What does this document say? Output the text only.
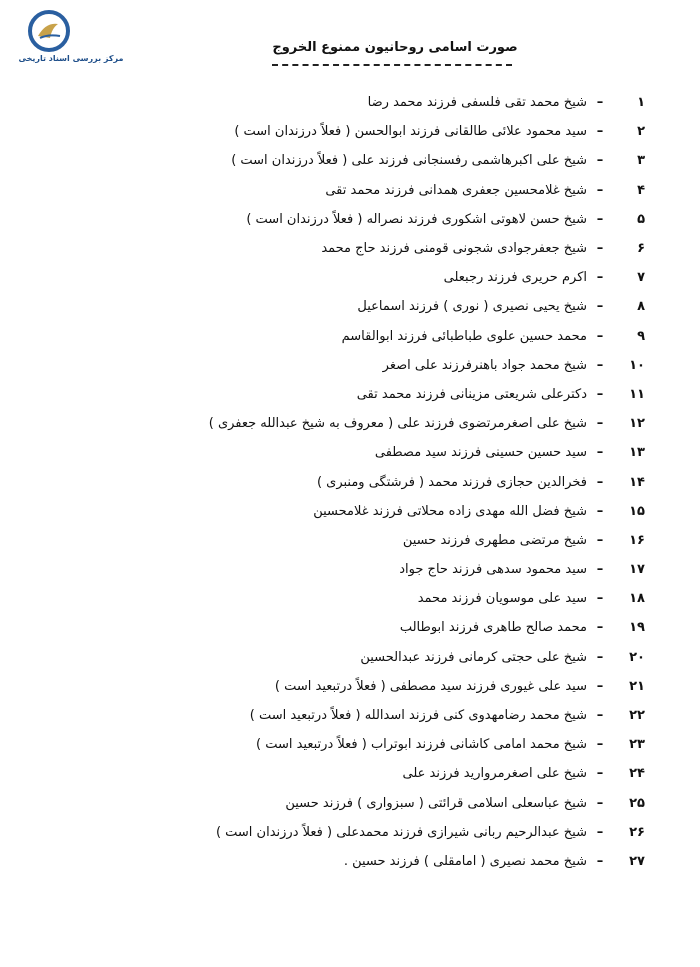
مرکز بررسی اسناد تاریخی
صورت اسامی روحانیون ممنوع الخروج
۱
–
شیخ محمد تقی فلسفی فرزند محمد رضا
۲
–
سید محمود علائی طالقانی فرزند ابوالحسن ( فعلاً درزندان است )
۳
–
شیخ علی اکبرهاشمی رفسنجانی فرزند علی ( فعلاً درزندان است )
۴
–
شیخ غلامحسین جعفری همدانی فرزند محمد تقی
۵
–
شیخ حسن لاهوتی اشکوری فرزند نصراله ( فعلاً درزندان است )
۶
–
شیخ جعفرجوادی شجونی قومنی فرزند حاج محمد
۷
–
اکرم حریری فرزند رجبعلی
۸
–
شیخ یحیی نصیری ( نوری ) فرزند اسماعیل
۹
–
محمد حسین علوی طباطبائی فرزند ابوالقاسم
۱۰
–
شیخ محمد جواد باهنرفرزند علی اصغر
۱۱
–
دکترعلی شریعتی مزینانی فرزند محمد تقی
۱۲
–
شیخ علی اصغرمرتضوی فرزند علی ( معروف به شیخ عبدالله جعفری )
۱۳
–
سید حسین حسینی فرزند سید مصطفی
۱۴
–
فخرالدین حجازی فرزند محمد ( فرشتگی ومنبری )
۱۵
–
شیخ فضل الله مهدی زاده محلاتی فرزند غلامحسین
۱۶
–
شیخ مرتضی مطهری فرزند حسین
۱۷
–
سید محمود سدهی فرزند حاج جواد
۱۸
–
سید علی موسویان فرزند محمد
۱۹
–
محمد صالح طاهری فرزند ابوطالب
۲۰
–
شیخ علی حجتی کرمانی فرزند عبدالحسین
۲۱
–
سید علی غیوری فرزند سید مصطفی ( فعلاً درتبعید است )
۲۲
–
شیخ محمد رضامهدوی کنی فرزند اسدالله ( فعلاً درتبعید است )
۲۳
–
شیخ محمد امامی کاشانی فرزند ابوتراب ( فعلاً درتبعید است )
۲۴
–
شیخ علی اصغرمروارید فرزند علی
۲۵
–
شیخ عباسعلی اسلامی قرائتی ( سبزواری ) فرزند حسین
۲۶
–
شیخ عبدالرحیم ربانی شیرازی فرزند محمدعلی ( فعلاً درزندان است )
۲۷
–
شیخ محمد نصیری ( امامقلی ) فرزند حسین .
